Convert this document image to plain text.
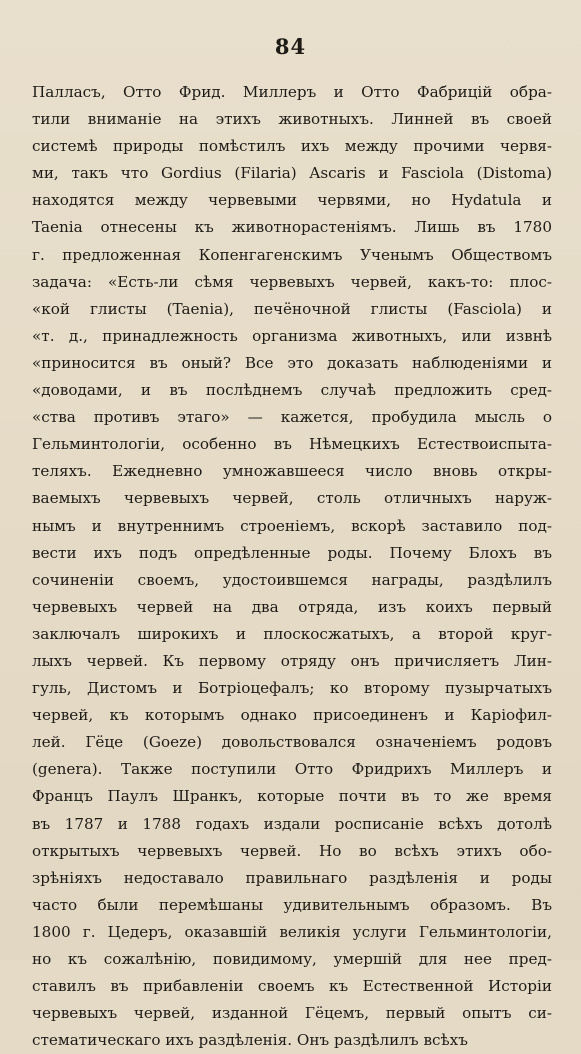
84
Палласъ, Отто Фрид. Миллеръ и Отто Фабрицій обра-
тили вниманіе на этихъ животныхъ. Линней въ своей
системѣ природы помѣстилъ ихъ между прочими червя-
ми, такъ что Gordius (Filaria) Ascaris и Fasciola (Distoma)
находятся между червевыми червями, но Hydatula и
Taenia отнесены къ животнорастеніямъ. Лишь въ 1780
г. предложенная Копенгагенскимъ Ученымъ Обществомъ
задача: «Есть-ли сѣмя червевыхъ червей, какъ-то: плос-
«кой глисты (Taenia), печёночной глисты (Fasciola) и
«т. д., принадлежность организма животныхъ, или извнѣ
«приносится въ оный? Все это доказать наблюденіями и
«доводами, и въ послѣднемъ случаѣ предложить сред-
«ства противъ этаго» — кажется, пробудила мысль о
Гельминтологіи, особенно въ Нѣмецкихъ Естествоиспыта-
теляхъ. Ежедневно умножавшееся число вновь откры-
ваемыхъ червевыхъ червей, столь отличныхъ наруж-
нымъ и внутреннимъ строеніемъ, вскорѣ заставило под-
вести ихъ подъ опредѣленные роды. Почему Блохъ въ
сочиненіи своемъ, удостоившемся награды, раздѣлилъ
червевыхъ червей на два отряда, изъ коихъ первый
заключалъ широкихъ и плоскосжатыхъ, а второй круг-
лыхъ червей. Къ первому отряду онъ причисляетъ Лин-
гуль, Дистомъ и Ботріоцефалъ; ко второму пузырчатыхъ
червей, къ которымъ однако присоединенъ и Каріофил-
лей. Гёце (Goeze) довольствовался означеніемъ родовъ
(genera). Также поступили Отто Фридрихъ Миллеръ и
Францъ Паулъ Шранкъ, которые почти въ то же время
въ 1787 и 1788 годахъ издали росписаніе всѣхъ дотолѣ
открытыхъ червевыхъ червей. Но во всѣхъ этихъ обо-
зрѣніяхъ недоставало правильнаго раздѣленія и роды
часто были перемѣшаны удивительнымъ образомъ. Въ
1800 г. Цедеръ, оказавшій великія услуги Гельминтологіи,
но къ сожалѣнію, повидимому, умершій для нее пред-
ставилъ въ прибавленіи своемъ къ Естественной Исторіи
червевыхъ червей, изданной Гёцемъ, первый опытъ си-
стематическаго ихъ раздѣленія. Онъ раздѣлилъ всѣхъ
